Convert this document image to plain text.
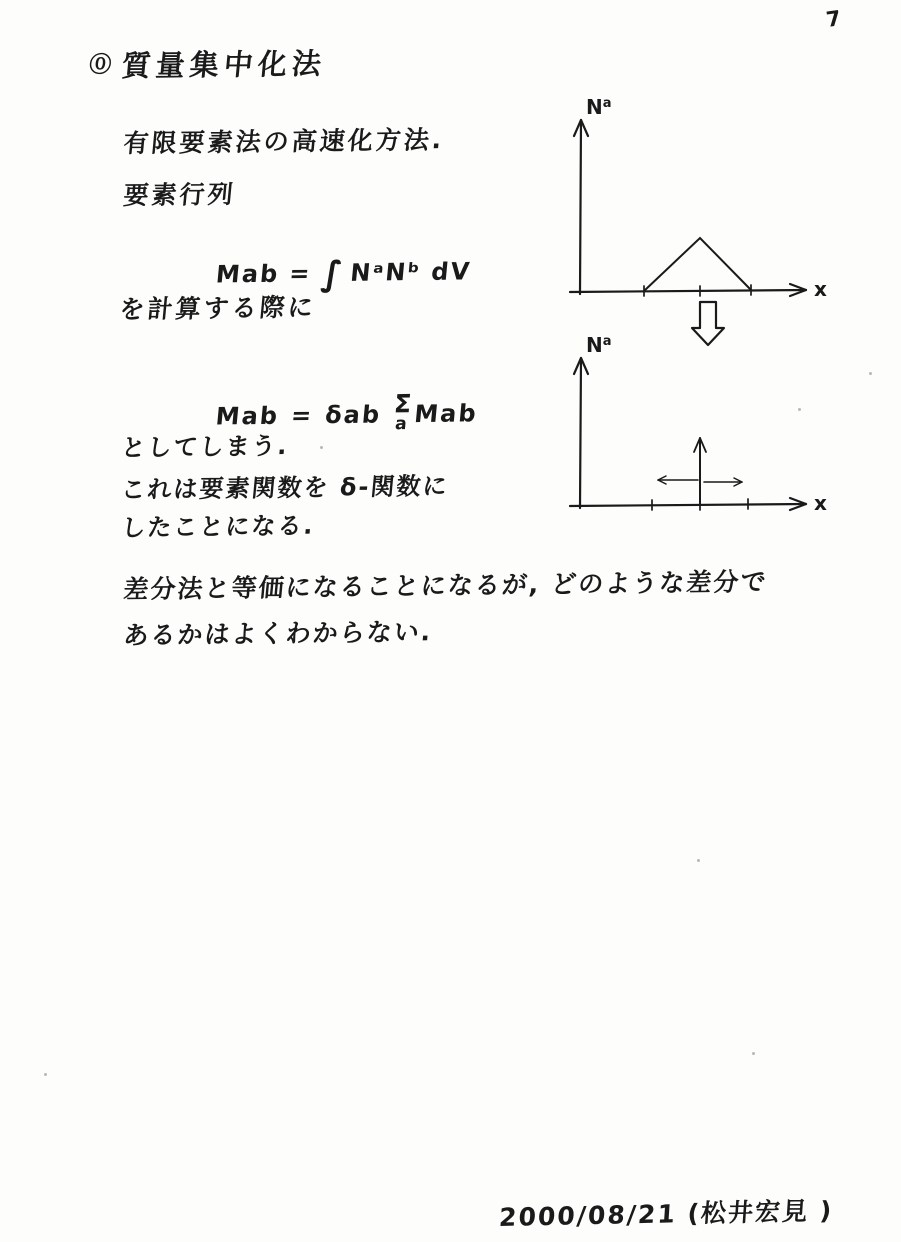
7
⓪ 質量集中化法
有限要素法の高速化方法.
要素行列

Mab = ∫ NᵃNᵇ dV

を計算する際に

Mab = δab Σ
a Mab

としてしまう.
これは要素関数を δ-関数に
したことになる.
差分法と等価になることになるが, どのような差分で
あるかはよくわからない.
$N^a$
x
$N^a$
x
2000/08/21 (松井宏見 )
